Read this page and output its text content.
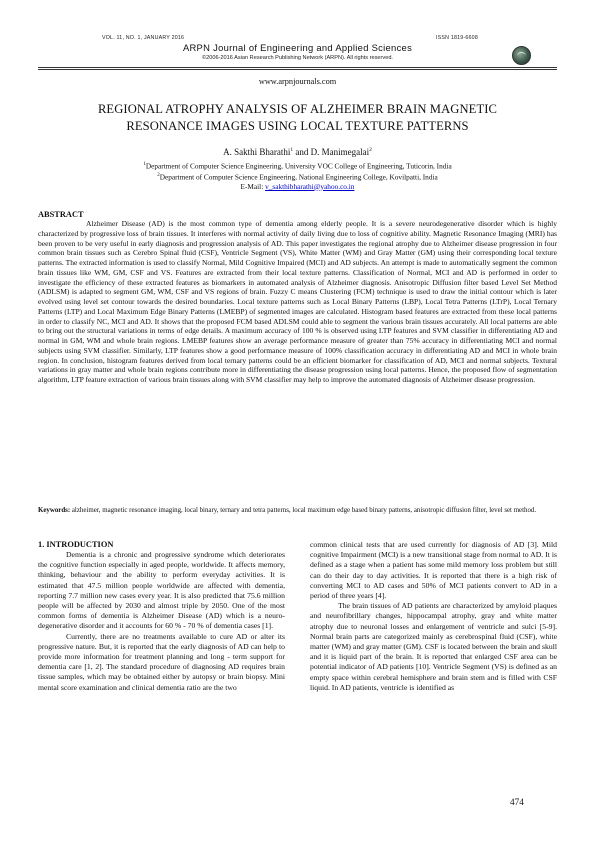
VOL. 11, NO. 1, JANUARY 2016	ISSN 1819-6608
ARPN Journal of Engineering and Applied Sciences
©2006-2016 Asian Research Publishing Network (ARPN). All rights reserved.
www.arpnjournals.com
REGIONAL ATROPHY ANALYSIS OF ALZHEIMER BRAIN MAGNETIC
RESONANCE IMAGES USING LOCAL TEXTURE PATTERNS
A. Sakthi Bharathi$^1$ and D. Manimegalai$^2$
$^1$Department of Computer Science Engineering, University VOC College of Engineering, Tuticorin, India
$^2$Department of Computer Science Engineering, National Engineering College, Kovilpatti, India
E-Mail: v_sakthibharathi@yahoo.co.in
ABSTRACT
Alzheimer Disease (AD) is the most common type of dementia among elderly people. It is a severe neurodegenerative disorder which is highly characterized by progressive loss of brain tissues. It interferes with normal activity of daily living due to loss of cognitive ability. Magnetic Resonance Imaging (MRI) has been proven to be very useful in early diagnosis and progression analysis of AD. This paper investigates the regional atrophy due to Alzheimer disease progression in four common brain tissues such as Cerebro Spinal fluid (CSF), Ventricle Segment (VS), White Matter (WM) and Gray Matter (GM) using their corresponding local texture patterns. The extracted information is used to classify Normal, Mild Cognitive Impaired (MCI) and AD subjects. An attempt is made to automatically segment the common brain tissues like WM, GM, CSF and VS. Features are extracted from their local texture patterns. Classification of Normal, MCI and AD is performed in order to investigate the efficiency of these extracted features as biomarkers in automated analysis of Alzheimer diagnosis. Anisotropic Diffusion filter based Level Set Method (ADLSM) is adapted to segment GM, WM, CSF and VS regions of brain. Fuzzy C means Clustering (FCM) technique is used to draw the initial contour which is later evolved using level set contour towards the desired boundaries. Local texture patterns such as Local Binary Patterns (LBP), Local Tetra Patterns (LTrP), Local Ternary Patterns (LTP) and Local Maximum Edge Binary Patterns (LMEBP) of segmented images are calculated. Histogram based features are extracted from these local patterns in order to classify NC, MCI and AD. It shows that the proposed FCM based ADLSM could able to segment the various brain tissues accurately. All local patterns are able to bring out the structural variations in terms of edge details. A maximum accuracy of 100 % is observed using LTP features and SVM classifier in differentiating AD and normal in GM, WM and whole brain regions. LMEBP features show an average performance measure of greater than 75% accuracy in differentiating MCI and normal subjects using SVM classifier. Similarly, LTP features show a good performance measure of 100% classification accuracy in differentiating AD and MCI in whole brain region. In conclusion, histogram features derived from local ternary patterns could be an efficient biomarker for classification of AD, MCI and normal subjects. Textural variations in gray matter and whole brain regions contribute more in differentiating the disease progression using local patterns. Hence, the proposed flow of segmentation algorithm, LTP feature extraction of various brain tissues along with SVM classifier may help to improve the automated diagnosis of Alzheimer disease progression.
Keywords: alzheimer, magnetic resonance imaging, local binary, ternary and tetra patterns, local maximum edge based binary patterns, anisotropic diffusion filter, level set method.
1. INTRODUCTION

Dementia is a chronic and progressive syndrome which deteriorates the cognitive function especially in aged people, worldwide. It affects memory, thinking, behaviour and the ability to perform everyday activities. It is estimated that 47.5 million people worldwide are affected with dementia, reporting 7.7 million new cases every year. It is also predicted that 75.6 million people will be affected by 2030 and almost triple by 2050. One of the most common forms of dementia is Alzheimer Disease (AD) which is a neuro-degenerative disorder and it accounts for 60 % - 70 % of dementia cases [1].

Currently, there are no treatments available to cure AD or alter its progressive nature. But, it is reported that the early diagnosis of AD can help to provide more information for treatment planning and long - term support for dementia care [1, 2]. The standard procedure of diagnosing AD requires brain tissue samples, which may be obtained either by autopsy or brain biopsy. Mini mental score examination and clinical dementia ratio are the two

common clinical tests that are used currently for diagnosis of AD [3]. Mild cognitive Impairment (MCI) is a new transitional stage from normal to AD. It is defined as a stage when a patient has some mild memory loss problem but still can do their day to day activities. It is reported that there is a high risk of converting MCI to AD cases and 50% of MCI patients convert to AD in a period of three years [4].

The brain tissues of AD patients are characterized by amyloid plaques and neurofibrillary changes, hippocampal atrophy, gray and white matter atrophy due to neuronal losses and enlargement of ventricle and sulci [5-9]. Normal brain parts are categorized mainly as cerebrospinal fluid (CSF), white matter (WM) and gray matter (GM). CSF is located between the brain and skull and it is liquid part of the brain. It is reported that enlarged CSF area can be potential indicator of AD patients [10]. Ventricle Segment (VS) is defined as an empty space within cerebral hemisphere and brain stem and is filled with CSF liquid. In AD patients, ventricle is identified as

474
